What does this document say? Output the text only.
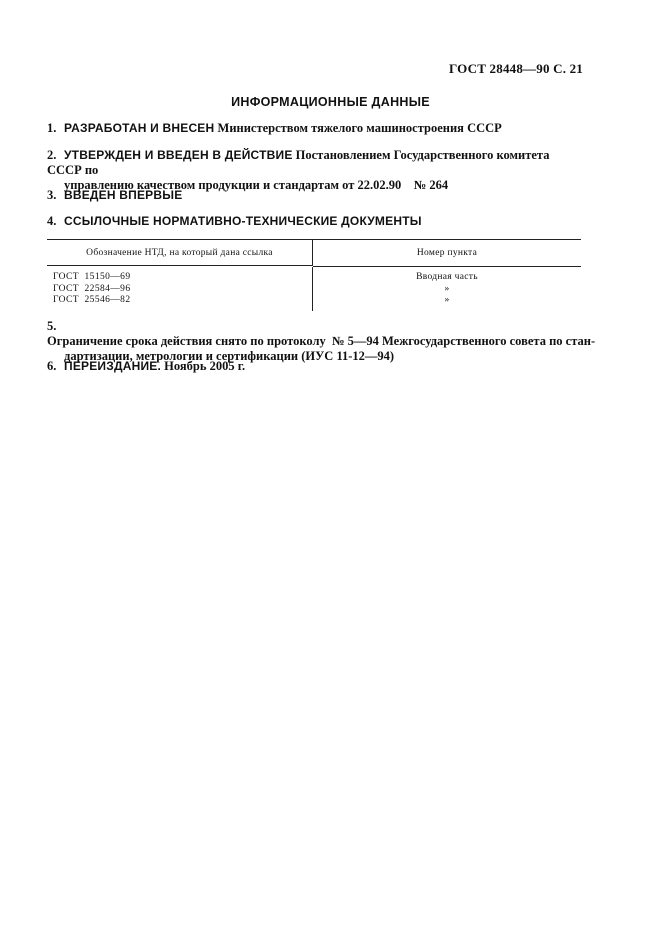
ГОСТ 28448—90 С. 21
ИНФОРМАЦИОННЫЕ ДАННЫЕ
1. РАЗРАБОТАН И ВНЕСЕН Министерством тяжелого машиностроения СССР
2. УТВЕРЖДЕН И ВВЕДЕН В ДЕЙСТВИЕ Постановлением Государственного комитета СССР по
управлению качеством продукции и стандартам от 22.02.90    № 264
3. ВВЕДЕН ВПЕРВЫЕ
4. ССЫЛОЧНЫЕ НОРМАТИВНО-ТЕХНИЧЕСКИЕ ДОКУМЕНТЫ
Обозначение НТД, на который дана ссылка	Номер пункта
ГОСТ  15150—69
ГОСТ  22584—96
ГОСТ  25546—82
Вводная часть
»
»
5.Ограничение срока действия снято по протоколу  № 5—94 Межгосударственного совета по стан-
дартизации, метрологии и сертификации (ИУС 11-12—94)
6. ПЕРЕИЗДАНИЕ. Ноябрь 2005 г.
